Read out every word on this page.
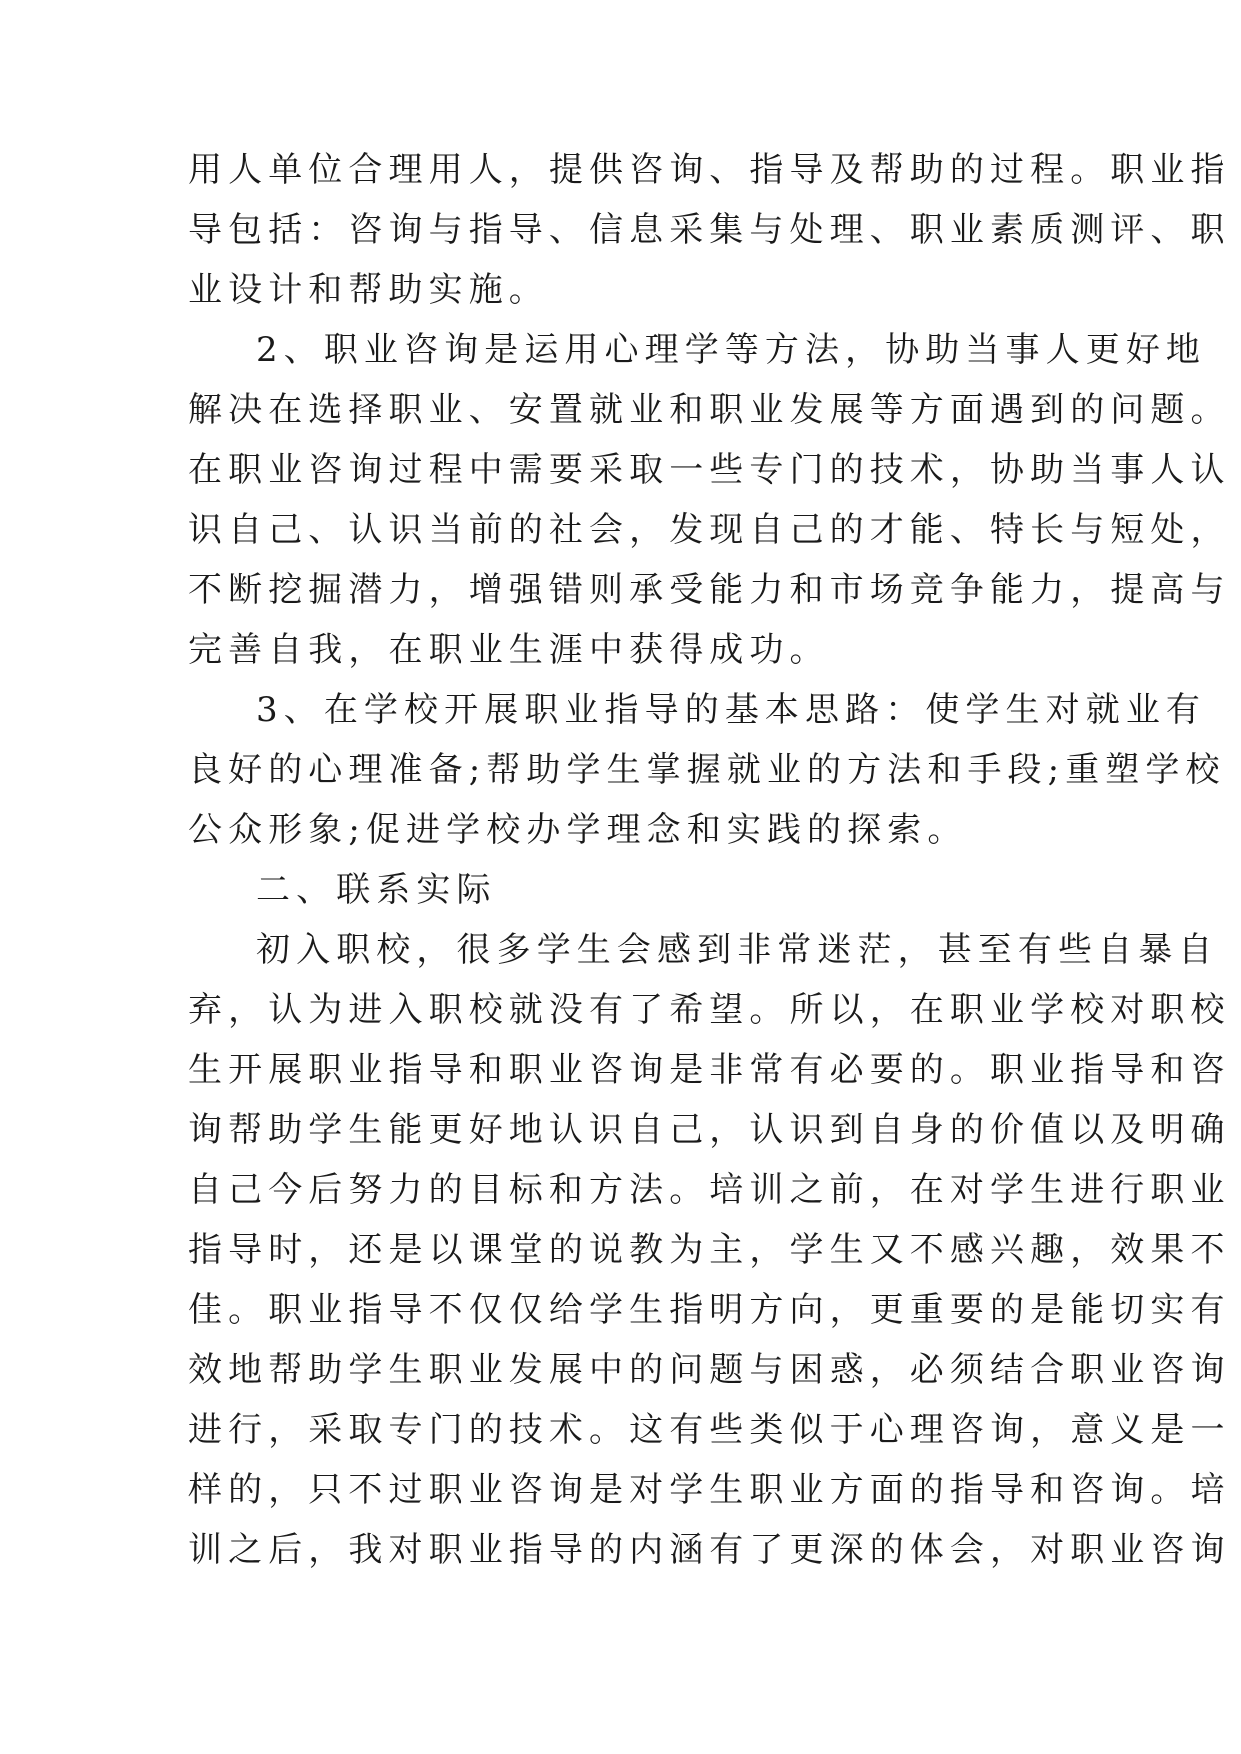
用人单位合理用人，提供咨询、指导及帮助的过程。职业指
导包括：咨询与指导、信息采集与处理、职业素质测评、职
业设计和帮助实施。
2、职业咨询是运用心理学等方法，协助当事人更好地
解决在选择职业、安置就业和职业发展等方面遇到的问题。
在职业咨询过程中需要采取一些专门的技术，协助当事人认
识自己、认识当前的社会，发现自己的才能、特长与短处，
不断挖掘潜力，增强错则承受能力和市场竞争能力，提高与
完善自我，在职业生涯中获得成功。
3、在学校开展职业指导的基本思路：使学生对就业有
良好的心理准备;帮助学生掌握就业的方法和手段;重塑学校
公众形象;促进学校办学理念和实践的探索。
二、联系实际
初入职校，很多学生会感到非常迷茫，甚至有些自暴自
弃，认为进入职校就没有了希望。所以，在职业学校对职校
生开展职业指导和职业咨询是非常有必要的。职业指导和咨
询帮助学生能更好地认识自己，认识到自身的价值以及明确
自己今后努力的目标和方法。培训之前，在对学生进行职业
指导时，还是以课堂的说教为主，学生又不感兴趣，效果不
佳。职业指导不仅仅给学生指明方向，更重要的是能切实有
效地帮助学生职业发展中的问题与困惑，必须结合职业咨询
进行，采取专门的技术。这有些类似于心理咨询，意义是一
样的，只不过职业咨询是对学生职业方面的指导和咨询。培
训之后，我对职业指导的内涵有了更深的体会，对职业咨询
